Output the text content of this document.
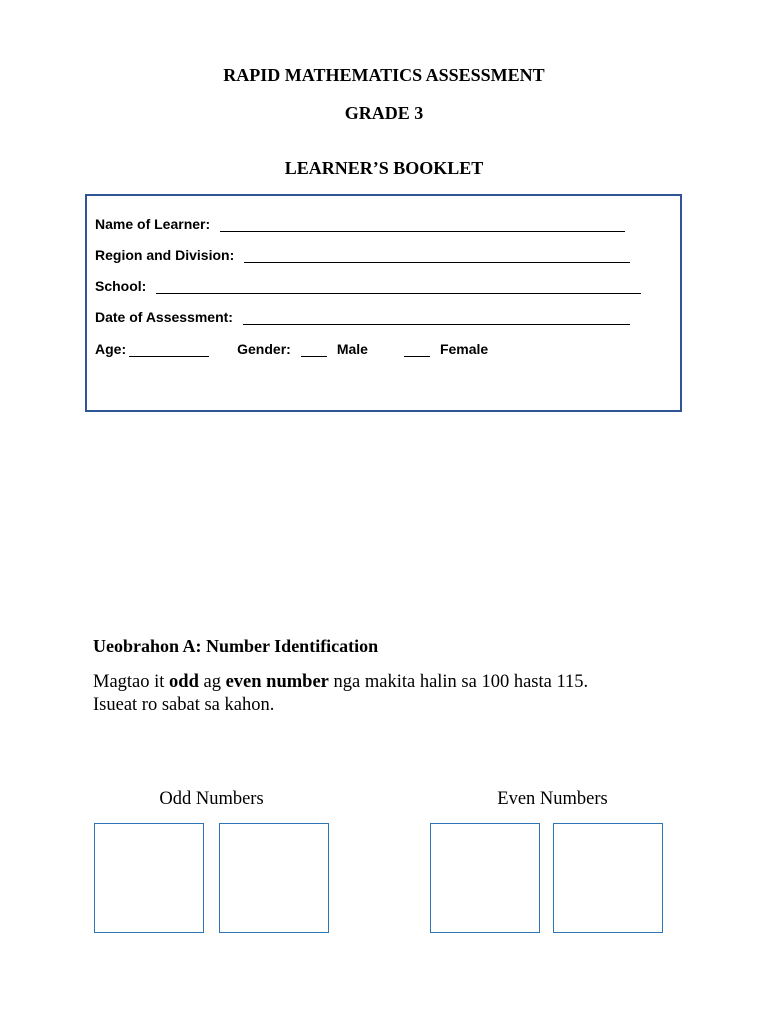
RAPID MATHEMATICS ASSESSMENT
GRADE 3
LEARNER’S BOOKLET
Name of Learner:
Region and Division:
School:
Date of Assessment:
Age:	Gender:	Male	Female
Ueobrahon A: Number Identification
Magtao it odd ag even number nga makita halin sa 100 hasta 115.
Isueat ro sabat sa kahon.
Odd Numbers	Even Numbers
